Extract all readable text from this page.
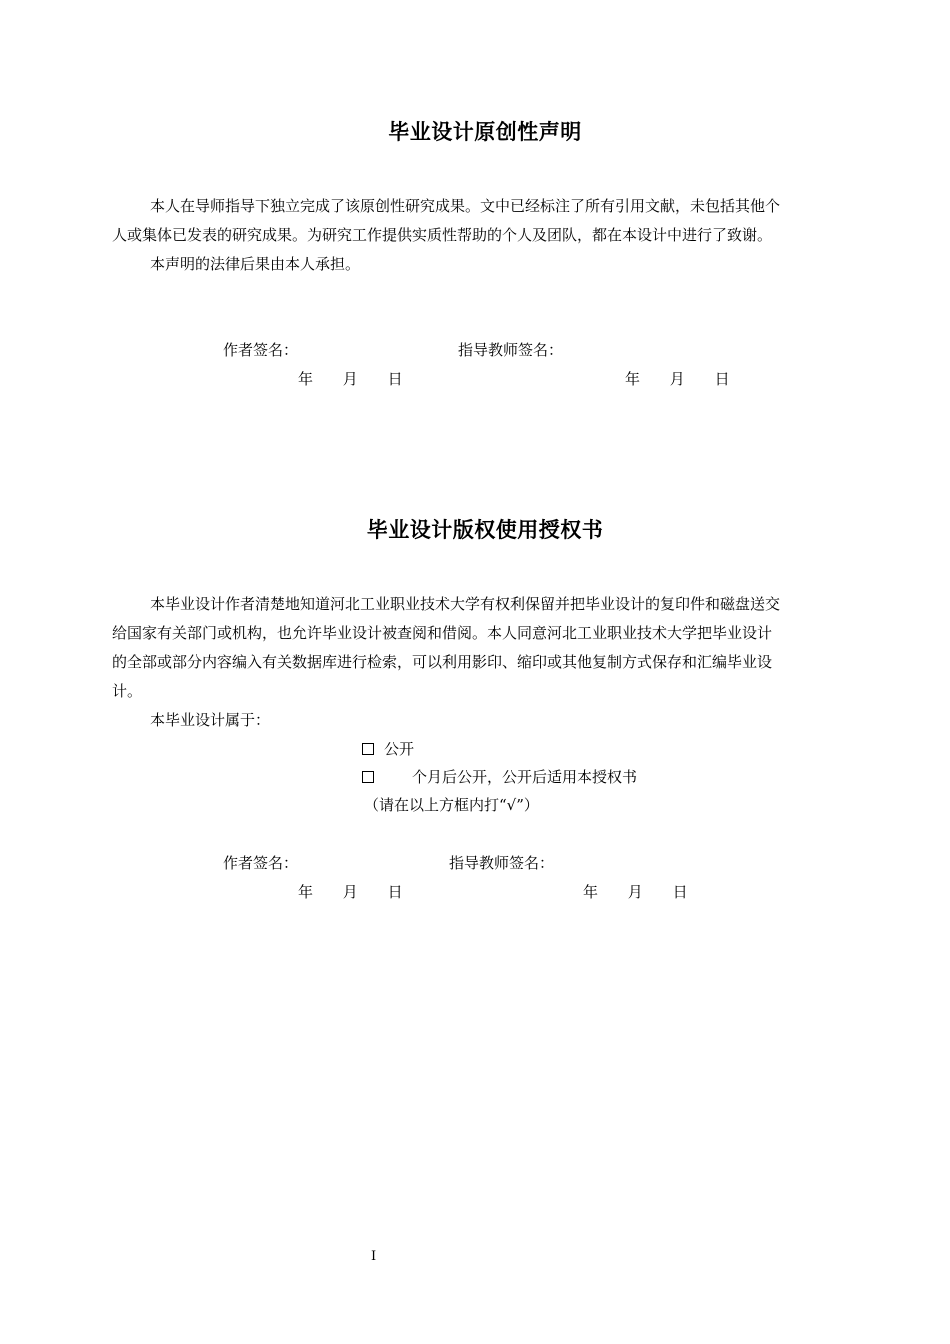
毕业设计原创性声明
本人在导师指导下独立完成了该原创性研究成果。文中已经标注了所有引用文献，未包括其他个
人或集体已发表的研究成果。为研究工作提供实质性帮助的个人及团队，都在本设计中进行了致谢。
本声明的法律后果由本人承担。
作者签名：	指导教师签名：
年 月 日	年 月 日
毕业设计版权使用授权书
本毕业设计作者清楚地知道河北工业职业技术大学有权利保留并把毕业设计的复印件和磁盘送交
给国家有关部门或机构，也允许毕业设计被查阅和借阅。本人同意河北工业职业技术大学把毕业设计
的全部或部分内容编入有关数据库进行检索，可以利用影印、缩印或其他复制方式保存和汇编毕业设
计。
本毕业设计属于：
公开
个月后公开，公开后适用本授权书
（请在以上方框内打“√”）
作者签名：	指导教师签名：
年 月 日	年 月 日
I
